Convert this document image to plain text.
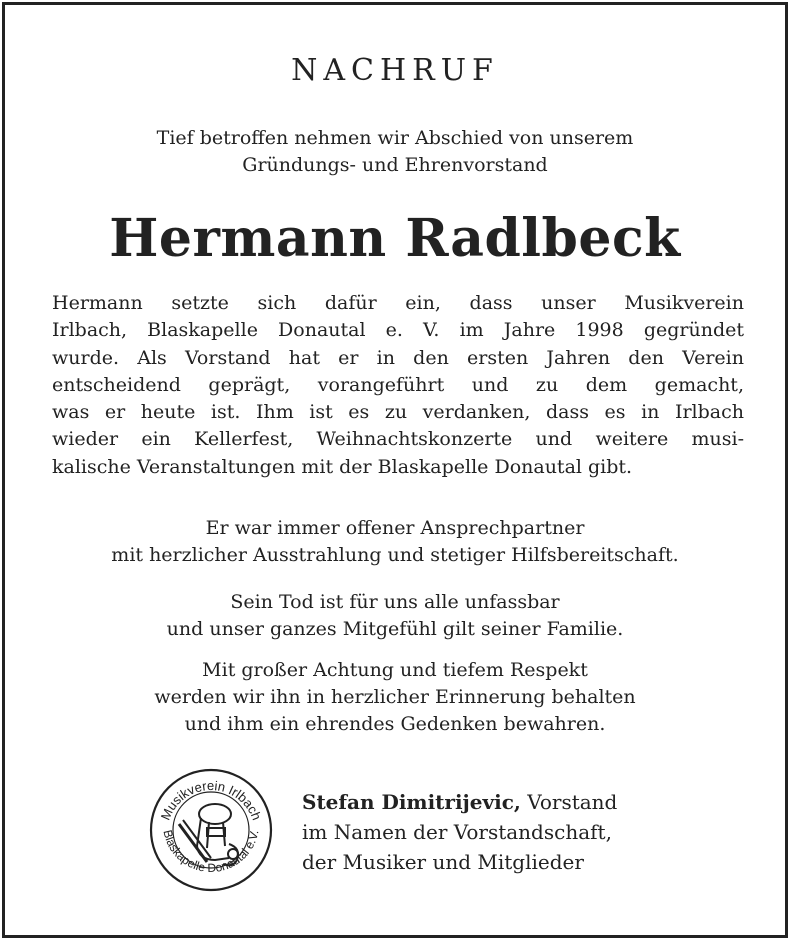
NACHRUF
Tief betroffen nehmen wir Abschied von unserem
Gründungs- und Ehrenvorstand
Hermann Radlbeck
Hermann setzte sich dafür ein, dass unser Musikverein
Irlbach, Blaskapelle Donautal e. V. im Jahre 1998 gegründet
wurde. Als Vorstand hat er in den ersten Jahren den Verein
entscheidend geprägt, vorangeführt und zu dem gemacht,
was er heute ist. Ihm ist es zu verdanken, dass es in Irlbach
wieder ein Kellerfest, Weihnachtskonzerte und weitere musi-
kalische Veranstaltungen mit der Blaskapelle Donautal gibt.
Er war immer offener Ansprechpartner
mit herzlicher Ausstrahlung und stetiger Hilfsbereitschaft.
Sein Tod ist für uns alle unfassbar
und unser ganzes Mitgefühl gilt seiner Familie.
Mit großer Achtung und tiefem Respekt
werden wir ihn in herzlicher Erinnerung behalten
und ihm ein ehrendes Gedenken bewahren.
Musikverein Irlbach
Blaskapelle Donautal e.V.
Stefan Dimitrijevic, Vorstand
im Namen der Vorstandschaft,
der Musiker und Mitglieder
